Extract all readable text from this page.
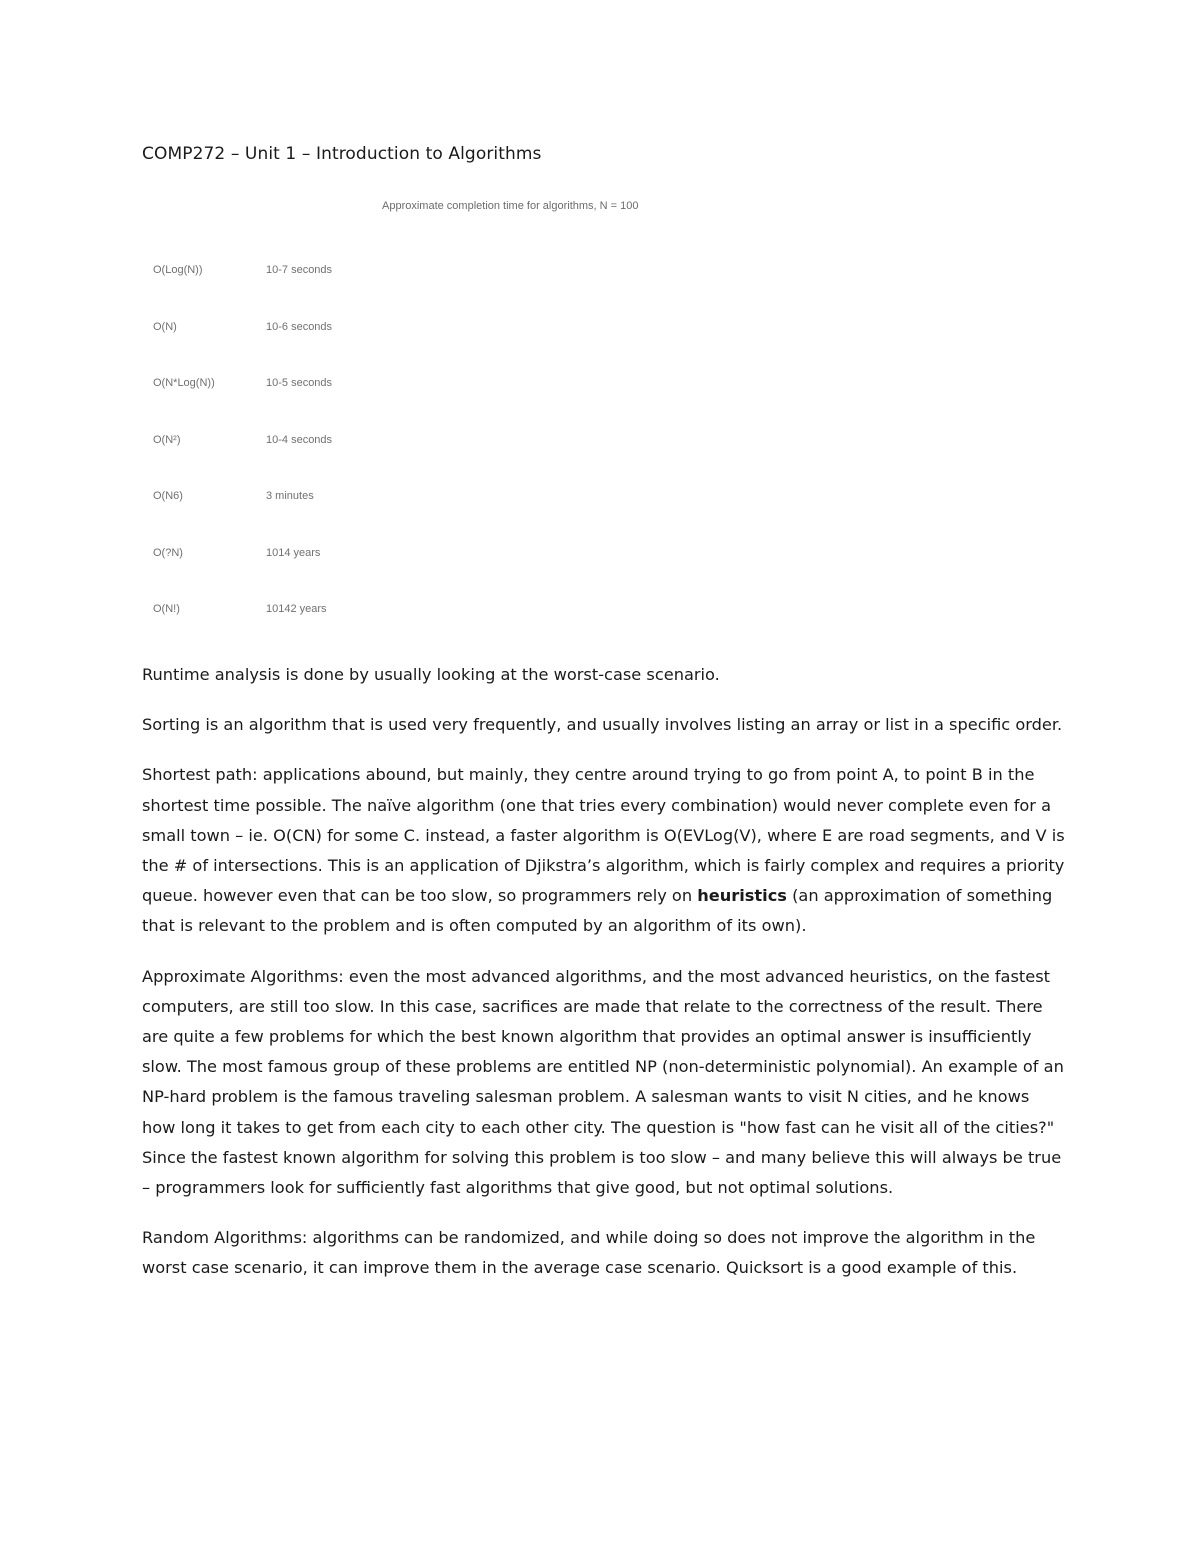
COMP272 – Unit 1 – Introduction to Algorithms
Approximate completion time for algorithms, N = 100
O(Log(N))	10-7 seconds
O(N)	10-6 seconds
O(N*Log(N))	10-5 seconds
O(N²)	10-4 seconds
O(N6)	3 minutes
O(?N)	1014 years
O(N!)	10142 years

Runtime analysis is done by usually looking at the worst-case scenario.

Sorting is an algorithm that is used very frequently, and usually involves listing an array or list in a specific order.

Shortest path: applications abound, but mainly, they centre around trying to go from point A, to point B in the shortest time possible. The naïve algorithm (one that tries every combination) would never complete even for a small town – ie. O(CN) for some C. instead, a faster algorithm is O(EVLog(V), where E are road segments, and V is the # of intersections. This is an application of Djikstra’s algorithm, which is fairly complex and requires a priority queue. however even that can be too slow, so programmers rely on heuristics (an approximation of something that is relevant to the problem and is often computed by an algorithm of its own).

Approximate Algorithms: even the most advanced algorithms, and the most advanced heuristics, on the fastest computers, are still too slow. In this case, sacrifices are made that relate to the correctness of the result. There are quite a few problems for which the best known algorithm that provides an optimal answer is insufficiently slow. The most famous group of these problems are entitled NP (non-deterministic polynomial). An example of an NP-hard problem is the famous traveling salesman problem. A salesman wants to visit N cities, and he knows how long it takes to get from each city to each other city. The question is "how fast can he visit all of the cities?" Since the fastest known algorithm for solving this problem is too slow – and many believe this will always be true – programmers look for sufficiently fast algorithms that give good, but not optimal solutions.

Random Algorithms: algorithms can be randomized, and while doing so does not improve the algorithm in the worst case scenario, it can improve them in the average case scenario. Quicksort is a good example of this.
